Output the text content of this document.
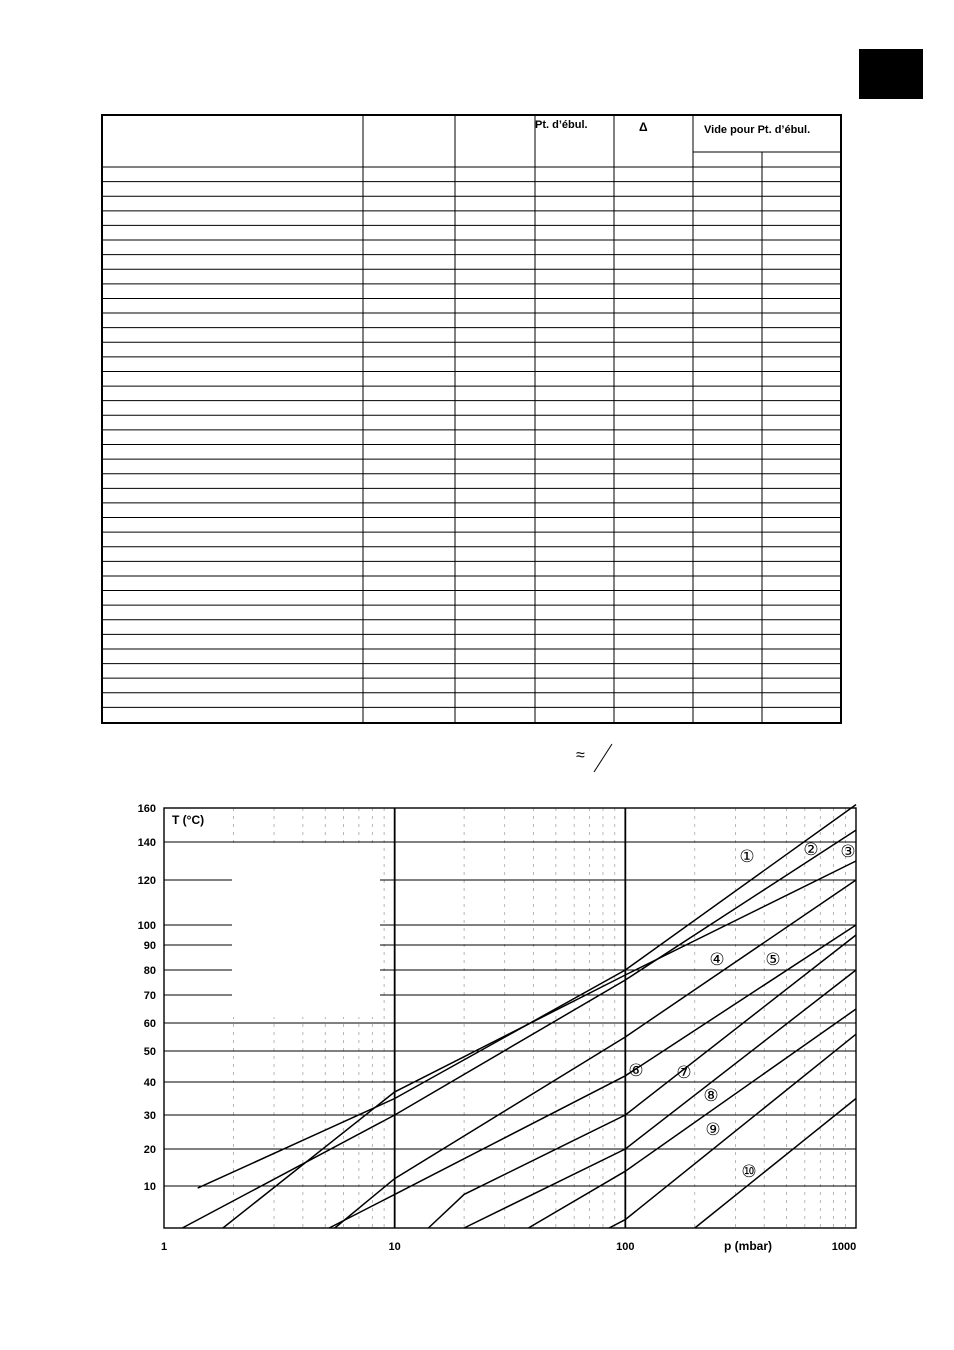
Pt. d’ébul.	Δ	Vide pour Pt. d’ébul.
≈
①	② ③
④ ⑤
⑥ ⑦
⑧
⑨
⑩
10
20
30
40
50
60
70
80
90
100
120
140
160
1	10	100	1000
p (mbar)
T (°C)
